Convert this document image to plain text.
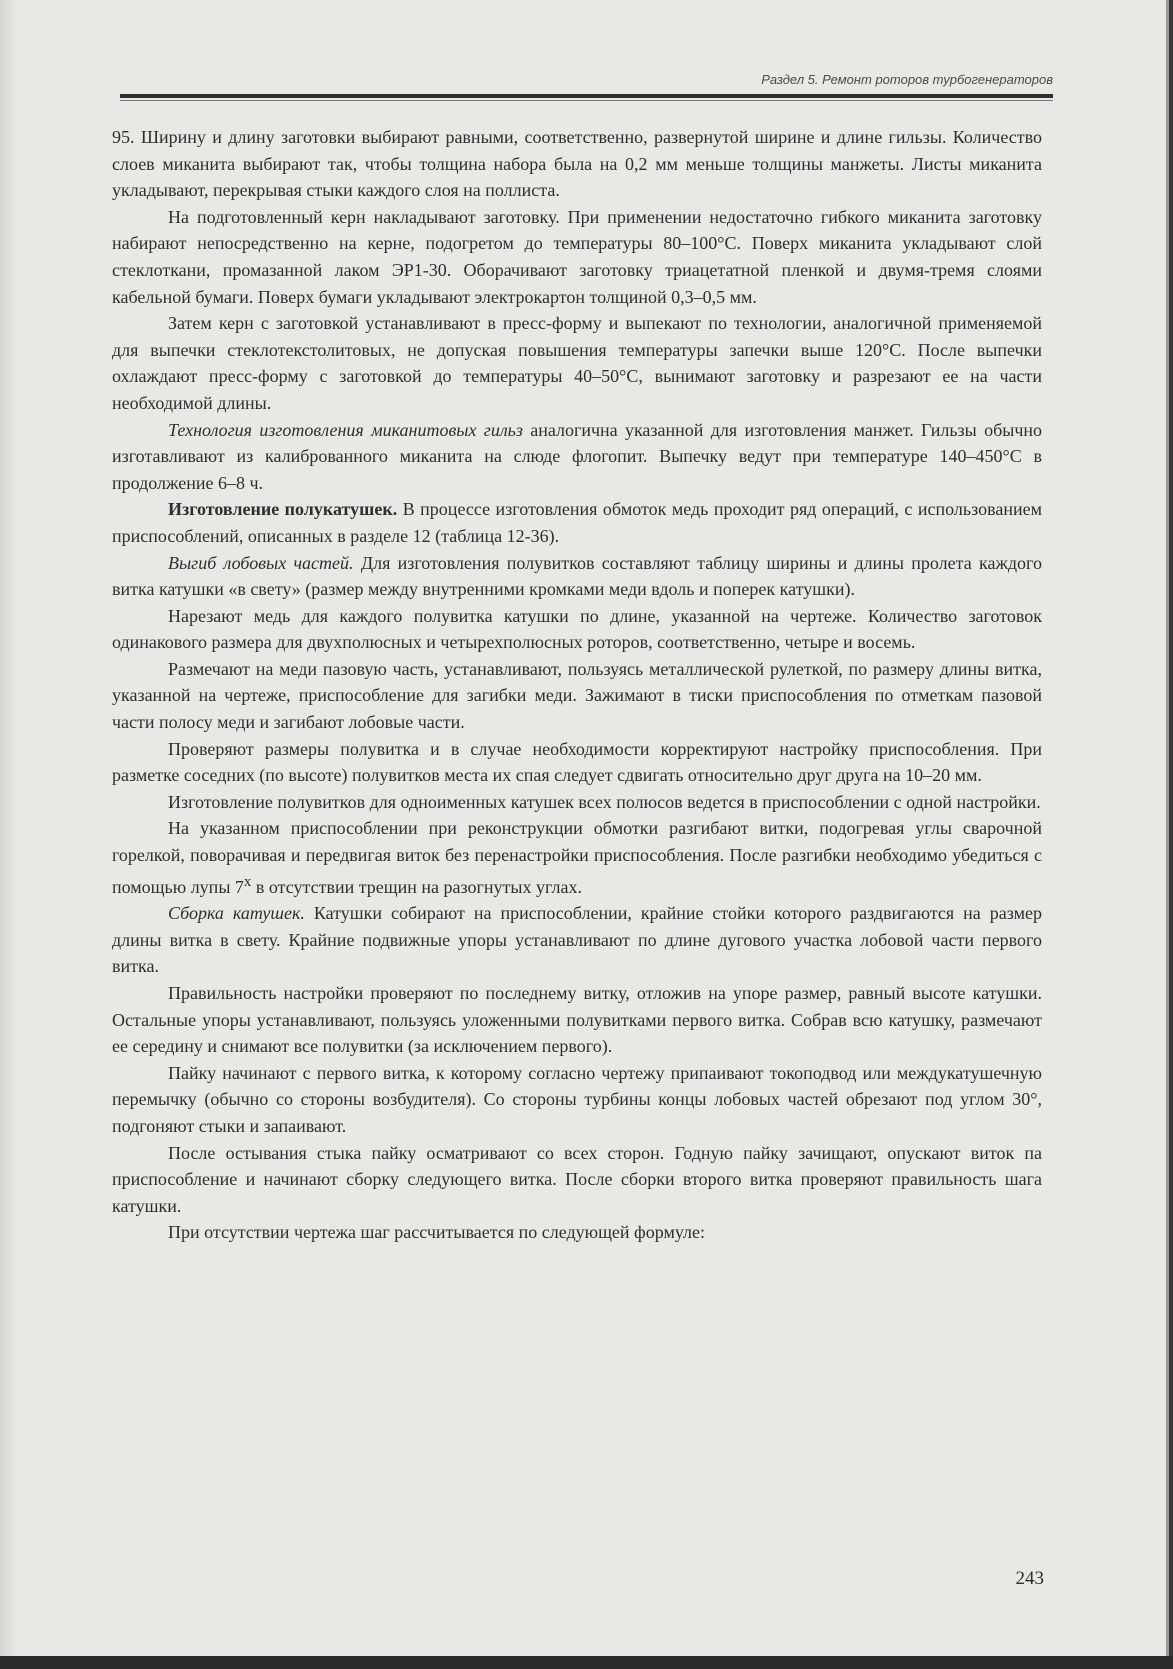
Раздел 5. Ремонт роторов турбогенераторов

95. Ширину и длину заготовки выбирают равными, соответственно, развернутой ширине и длине гильзы. Количество слоев миканита выбирают так, чтобы толщина набора была на 0,2 мм меньше толщины манжеты. Листы миканита укладывают, перекрывая стыки каждого слоя на поллиста.

На подготовленный керн накладывают заготовку. При применении недостаточно гибкого миканита заготовку набирают непосредственно на керне, подогретом до температуры 80–100°С. Поверх миканита укладывают слой стеклоткани, промазанной лаком ЭР1-30. Оборачивают заготовку триацетатной пленкой и двумя-тремя слоями кабельной бумаги. Поверх бумаги укладывают электрокартон толщиной 0,3–0,5 мм.

Затем керн с заготовкой устанавливают в пресс-форму и выпекают по технологии, аналогичной применяемой для выпечки стеклотекстолитовых, не допуская повышения температуры запечки выше 120°С. После выпечки охлаждают пресс-форму с заготовкой до температуры 40–50°С, вынимают заготовку и разрезают ее на части необходимой длины.

Технология изготовления миканитовых гильз аналогична указанной для изготовления манжет. Гильзы обычно изготавливают из калиброванного миканита на слюде флогопит. Выпечку ведут при температуре 140–450°С в продолжение 6–8 ч.

Изготовление полукатушек. В процессе изготовления обмоток медь проходит ряд операций, с использованием приспособлений, описанных в разделе 12 (таблица 12-36).

Выгиб лобовых частей. Для изготовления полувитков составляют таблицу ширины и длины пролета каждого витка катушки «в свету» (размер между внутренними кромками меди вдоль и поперек катушки).

Нарезают медь для каждого полувитка катушки по длине, указанной на чертеже. Количество заготовок одинакового размера для двухполюсных и четырехполюсных роторов, соответственно, четыре и восемь.

Размечают на меди пазовую часть, устанавливают, пользуясь металлической рулеткой, по размеру длины витка, указанной на чертеже, приспособление для загибки меди. Зажимают в тиски приспособления по отметкам пазовой части полосу меди и загибают лобовые части.

Проверяют размеры полувитка и в случае необходимости корректируют настройку приспособления. При разметке соседних (по высоте) полувитков места их спая следует сдвигать относительно друг друга на 10–20 мм.

Изготовление полувитков для одноименных катушек всех полюсов ведется в приспособлении с одной настройки.

На указанном приспособлении при реконструкции обмотки разгибают витки, подогревая углы сварочной горелкой, поворачивая и передвигая виток без перенастройки приспособления. После разгибки необходимо убедиться с помощью лупы 7$^x$ в отсутствии трещин на разогнутых углах.

Сборка катушек. Катушки собирают на приспособлении, крайние стойки которого раздвигаются на размер длины витка в свету. Крайние подвижные упоры устанавливают по длине дугового участка лобовой части первого витка.

Правильность настройки проверяют по последнему витку, отложив на упоре размер, равный высоте катушки. Остальные упоры устанавливают, пользуясь уложенными полувитками первого витка. Собрав всю катушку, размечают ее середину и снимают все полувитки (за исключением первого).

Пайку начинают с первого витка, к которому согласно чертежу припаивают токоподвод или междукатушечную перемычку (обычно со стороны возбудителя). Со стороны турбины концы лобовых частей обрезают под углом 30°, подгоняют стыки и запаивают.

После остывания стыка пайку осматривают со всех сторон. Годную пайку зачищают, опускают виток па приспособление и начинают сборку следующего витка. После сборки второго витка проверяют правильность шага катушки.

При отсутствии чертежа шаг рассчитывается по следующей формуле:

243
